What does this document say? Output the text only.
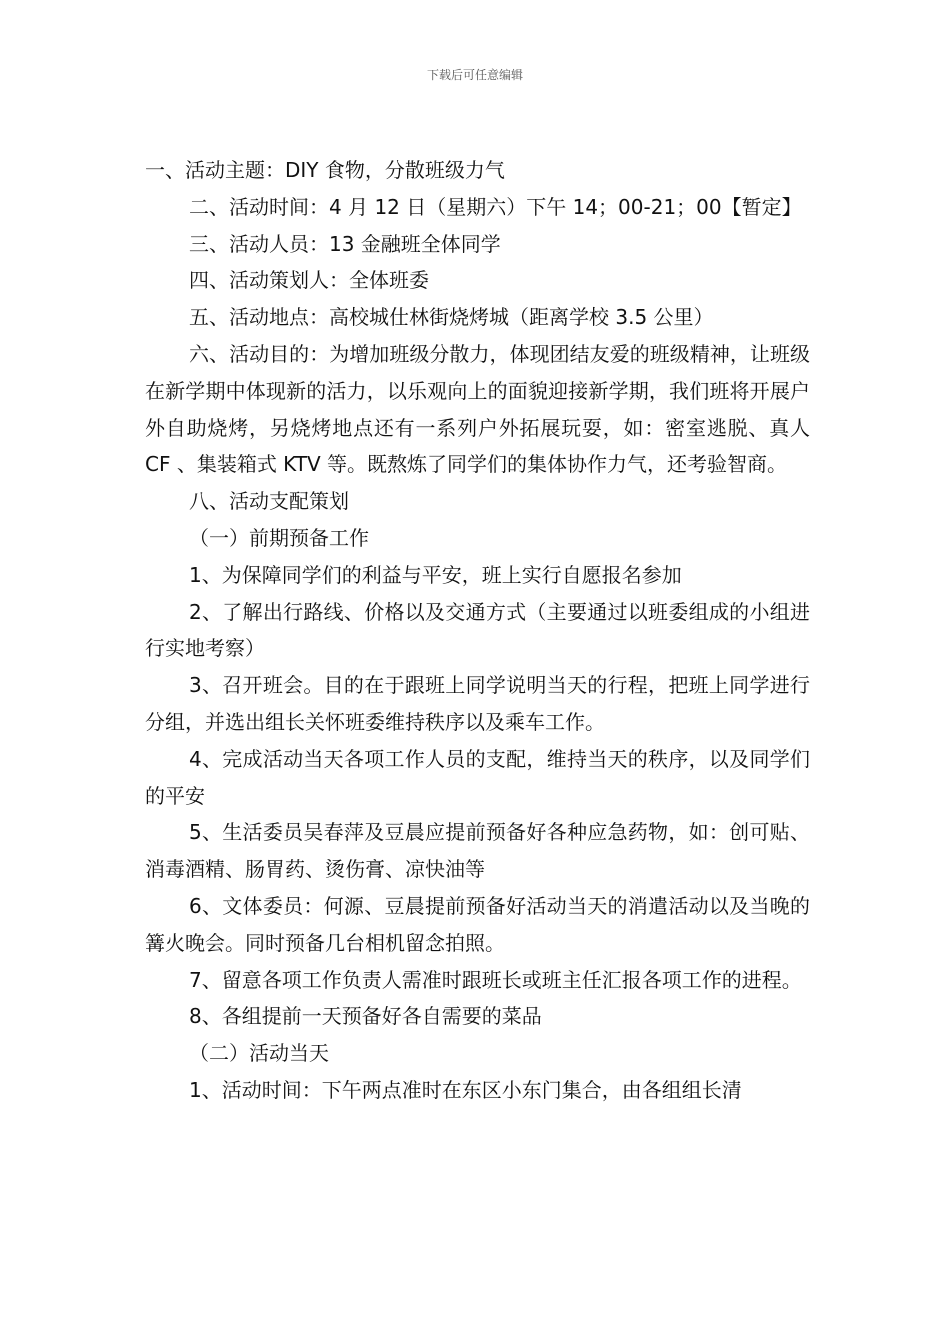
下载后可任意编辑

一、活动主题：DIY 食物，分散班级力气

二、活动时间：4 月 12 日（星期六）下午 14；00-21；00【暂定】

三、活动人员：13 金融班全体同学

四、活动策划人：全体班委

五、活动地点：高校城仕林街烧烤城（距离学校 3.5 公里）

六、活动目的：为增加班级分散力，体现团结友爱的班级精神，让班级在新学期中体现新的活力，以乐观向上的面貌迎接新学期，我们班将开展户外自助烧烤，另烧烤地点还有一系列户外拓展玩耍，如：密室逃脱、真人 CF 、集装箱式 KTV 等。既熬炼了同学们的集体协作力气，还考验智商。

八、活动支配策划

（一）前期预备工作

1、为保障同学们的利益与平安，班上实行自愿报名参加

2、了解出行路线、价格以及交通方式（主要通过以班委组成的小组进行实地考察）

3、召开班会。目的在于跟班上同学说明当天的行程，把班上同学进行分组，并选出组长关怀班委维持秩序以及乘车工作。

4、完成活动当天各项工作人员的支配，维持当天的秩序，以及同学们的平安

5、生活委员吴春萍及豆晨应提前预备好各种应急药物，如：创可贴、消毒酒精、肠胃药、烫伤膏、凉快油等

6、文体委员：何源、豆晨提前预备好活动当天的消遣活动以及当晚的篝火晚会。同时预备几台相机留念拍照。

7、留意各项工作负责人需准时跟班长或班主任汇报各项工作的进程。

8、各组提前一天预备好各自需要的菜品

（二）活动当天

1、活动时间：下午两点准时在东区小东门集合，由各组组长清
